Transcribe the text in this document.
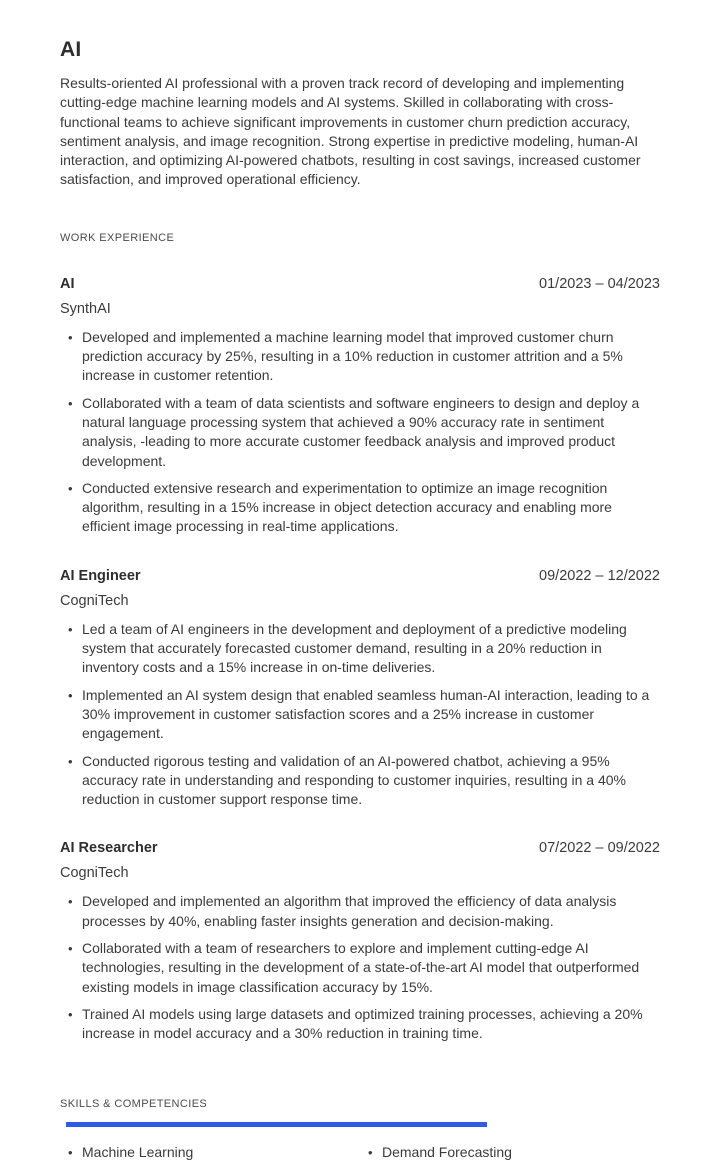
AI

Results-oriented AI professional with a proven track record of developing and implementing cutting-edge machine learning models and AI systems. Skilled in collaborating with cross-functional teams to achieve significant improvements in customer churn prediction accuracy, sentiment analysis, and image recognition. Strong expertise in predictive modeling, human-AI interaction, and optimizing AI-powered chatbots, resulting in cost savings, increased customer satisfaction, and improved operational efficiency.

WORK EXPERIENCE
AI	01/2023 – 04/2023
SynthAI
• Developed and implemented a machine learning model that improved customer churn prediction accuracy by 25%, resulting in a 10% reduction in customer attrition and a 5% increase in customer retention.
• Collaborated with a team of data scientists and software engineers to design and deploy a natural language processing system that achieved a 90% accuracy rate in sentiment analysis, -leading to more accurate customer feedback analysis and improved product development.
• Conducted extensive research and experimentation to optimize an image recognition algorithm, resulting in a 15% increase in object detection accuracy and enabling more efficient image processing in real-time applications.
AI Engineer	09/2022 – 12/2022
CogniTech
• Led a team of AI engineers in the development and deployment of a predictive modeling system that accurately forecasted customer demand, resulting in a 20% reduction in inventory costs and a 15% increase in on-time deliveries.
• Implemented an AI system design that enabled seamless human-AI interaction, leading to a 30% improvement in customer satisfaction scores and a 25% increase in customer engagement.
• Conducted rigorous testing and validation of an AI-powered chatbot, achieving a 95% accuracy rate in understanding and responding to customer inquiries, resulting in a 40% reduction in customer support response time.
AI Researcher	07/2022 – 09/2022
CogniTech
• Developed and implemented an algorithm that improved the efficiency of data analysis processes by 40%, enabling faster insights generation and decision-making.
• Collaborated with a team of researchers to explore and implement cutting-edge AI technologies, resulting in the development of a state-of-the-art AI model that outperformed existing models in image classification accuracy by 15%.
• Trained AI models using large datasets and optimized training processes, achieving a 20% increase in model accuracy and a 30% reduction in training time.
SKILLS & COMPETENCIES
• Machine Learning	• Demand Forecasting
